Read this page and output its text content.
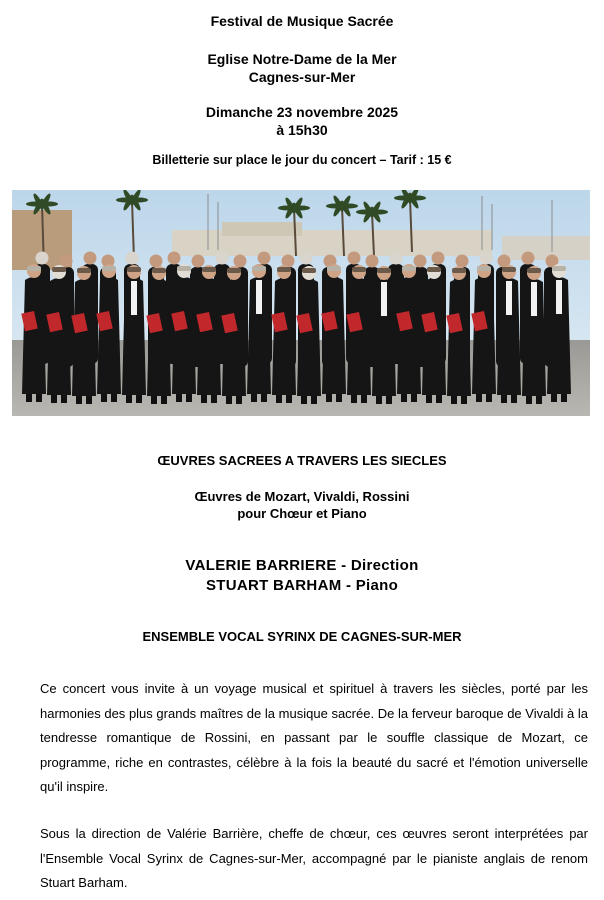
Festival de Musique Sacrée
Eglise Notre-Dame de la Mer
Cagnes-sur-Mer
Dimanche 23 novembre 2025
à 15h30
Billetterie sur place le jour du concert – Tarif : 15 €
ŒUVRES SACREES A TRAVERS LES SIECLES
Œuvres de Mozart, Vivaldi, Rossini
pour Chœur et Piano
VALERIE BARRIERE - Direction
STUART BARHAM - Piano
ENSEMBLE VOCAL SYRINX DE CAGNES-SUR-MER
Ce concert vous invite à un voyage musical et spirituel à travers les siècles, porté par les harmonies des plus grands maîtres de la musique sacrée. De la ferveur baroque de Vivaldi à la tendresse romantique de Rossini, en passant par le souffle classique de Mozart, ce programme, riche en contrastes, célèbre à la fois la beauté du sacré et l'émotion universelle qu'il inspire.
Sous la direction de Valérie Barrière, cheffe de chœur, ces œuvres seront interprétées par l'Ensemble Vocal Syrinx de Cagnes-sur-Mer, accompagné par le pianiste anglais de renom Stuart Barham.
